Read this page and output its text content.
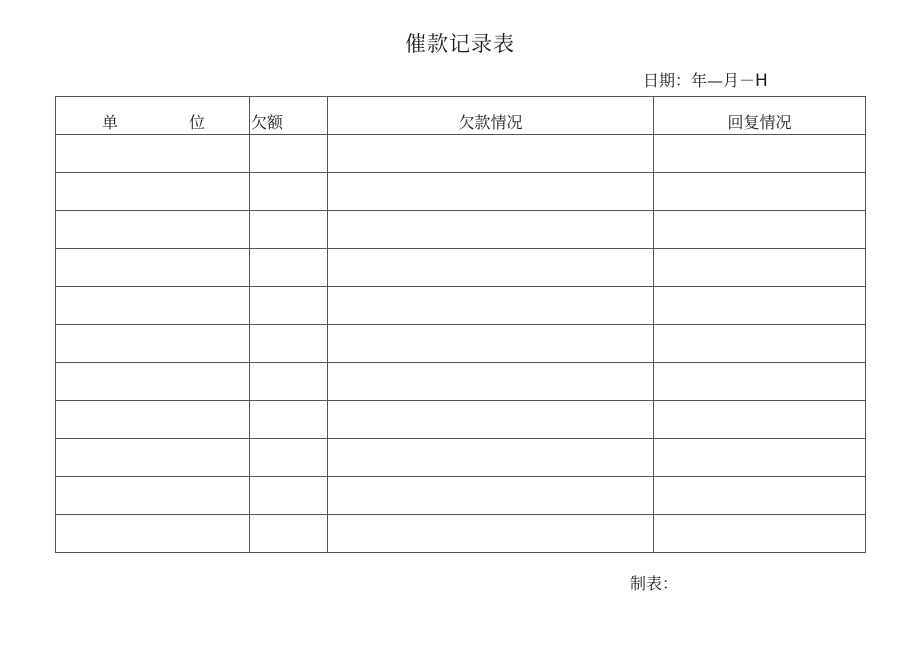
催款记录表
日期：年—月－H
单 位	欠额	欠款情况	回复情况

制表：
